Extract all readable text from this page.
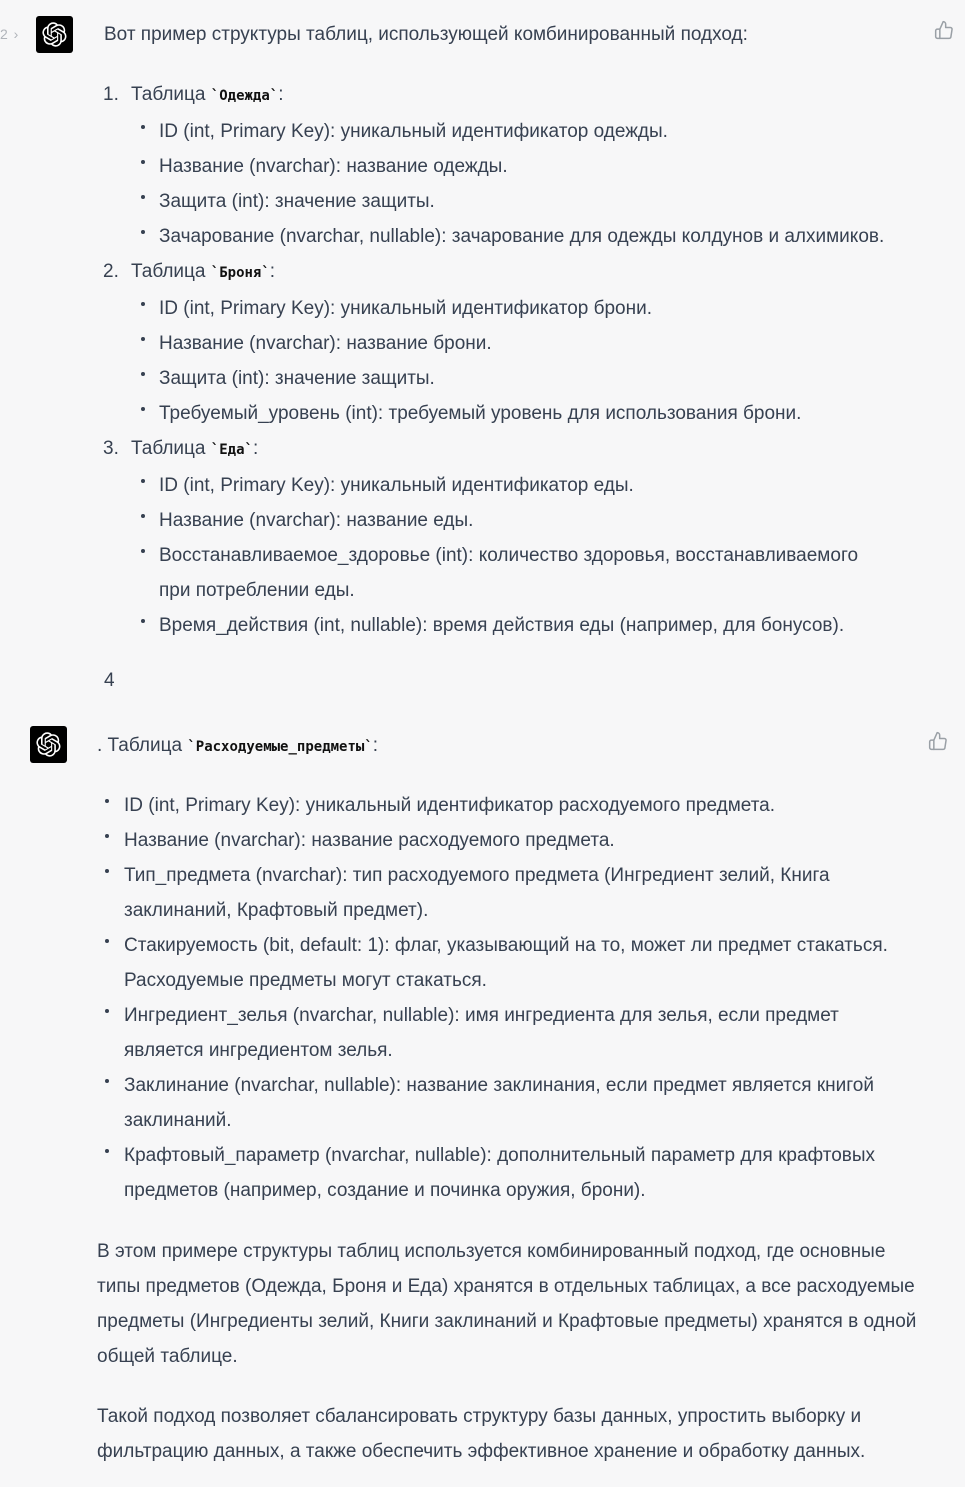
2 ›	Вот пример структуры таблиц, использующей комбинированный подход:
1. Таблица `Одежда`:
ID (int, Primary Key): уникальный идентификатор одежды.
Название (nvarchar): название одежды.
Защита (int): значение защиты.
Зачарование (nvarchar, nullable): зачарование для одежды колдунов и алхимиков.
2. Таблица `Броня`:
ID (int, Primary Key): уникальный идентификатор брони.
Название (nvarchar): название брони.
Защита (int): значение защиты.
Требуемый_уровень (int): требуемый уровень для использования брони.
3. Таблица `Еда`:
ID (int, Primary Key): уникальный идентификатор еды.
Название (nvarchar): название еды.
Восстанавливаемое_здоровье (int): количество здоровья, восстанавливаемого при потреблении еды.
Время_действия (int, nullable): время действия еды (например, для бонусов).
4
. Таблица `Расходуемые_предметы`:
ID (int, Primary Key): уникальный идентификатор расходуемого предмета.
Название (nvarchar): название расходуемого предмета.
Тип_предмета (nvarchar): тип расходуемого предмета (Ингредиент зелий, Книга заклинаний, Крафтовый предмет).
Стакируемость (bit, default: 1): флаг, указывающий на то, может ли предмет стакаться. Расходуемые предметы могут стакаться.
Ингредиент_зелья (nvarchar, nullable): имя ингредиента для зелья, если предмет является ингредиентом зелья.
Заклинание (nvarchar, nullable): название заклинания, если предмет является книгой заклинаний.
Крафтовый_параметр (nvarchar, nullable): дополнительный параметр для крафтовых предметов (например, создание и починка оружия, брони).

В этом примере структуры таблиц используется комбинированный подход, где основные типы предметов (Одежда, Броня и Еда) хранятся в отдельных таблицах, а все расходуемые предметы (Ингредиенты зелий, Книги заклинаний и Крафтовые предметы) хранятся в одной общей таблице.

Такой подход позволяет сбалансировать структуру базы данных, упростить выборку и фильтрацию данных, а также обеспечить эффективное хранение и обработку данных.
